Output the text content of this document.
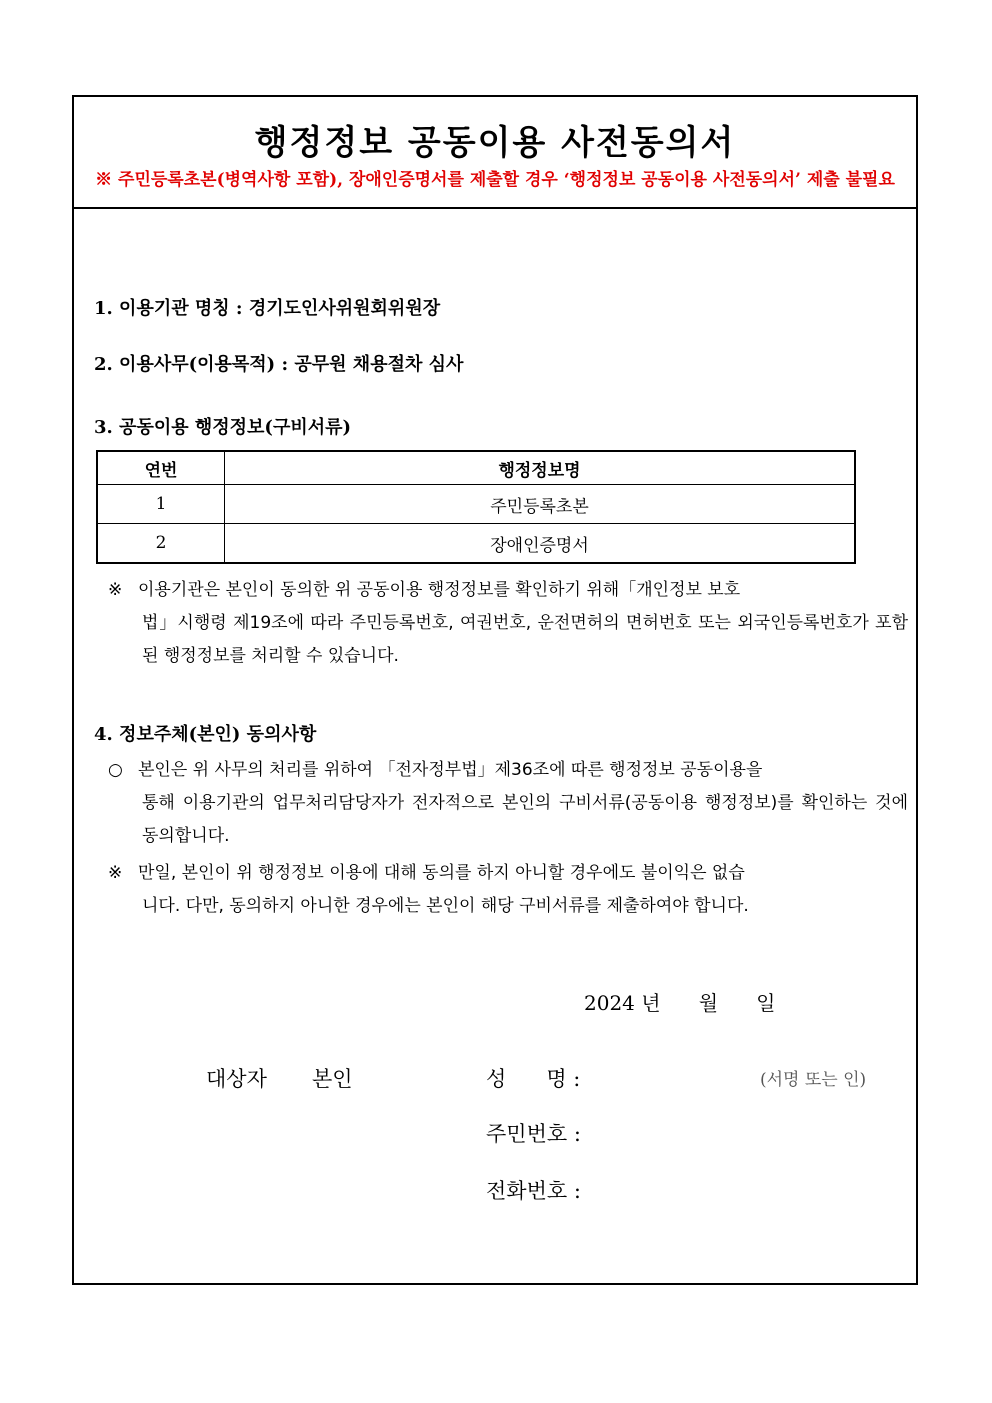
행정정보 공동이용 사전동의서
※ 주민등록초본(병역사항 포함), 장애인증명서를 제출할 경우 ‘행정정보 공동이용 사전동의서’ 제출 불필요
1. 이용기관 명칭 : 경기도인사위원회위원장
2. 이용사무(이용목적) : 공무원 채용절차 심사
3. 공동이용 행정정보(구비서류)
연번	행정정보명
1	주민등록초본
2	장애인증명서
※ 이용기관은 본인이 동의한 위 공동이용 행정정보를 확인하기 위해「개인정보 보호
법」시행령 제19조에 따라 주민등록번호, 여권번호, 운전면허의 면허번호 또는 외국인등록번호가 포함된 행정정보를 처리할 수 있습니다.
4. 정보주체(본인) 동의사항
○ 본인은 위 사무의 처리를 위하여 「전자정부법」제36조에 따른 행정정보 공동이용을
통해 이용기관의 업무처리담당자가 전자적으로 본인의 구비서류(공동이용 행정정보)를 확인하는 것에 동의합니다.
※ 만일, 본인이 위 행정정보 이용에 대해 동의를 하지 아니할 경우에도 불이익은 없습
니다. 다만, 동의하지 아니한 경우에는 본인이 해당 구비서류를 제출하여야 합니다.
2024 년      월      일
대상자 본인	성      명 :	(서명 또는 인)
주민번호 :
전화번호 :
